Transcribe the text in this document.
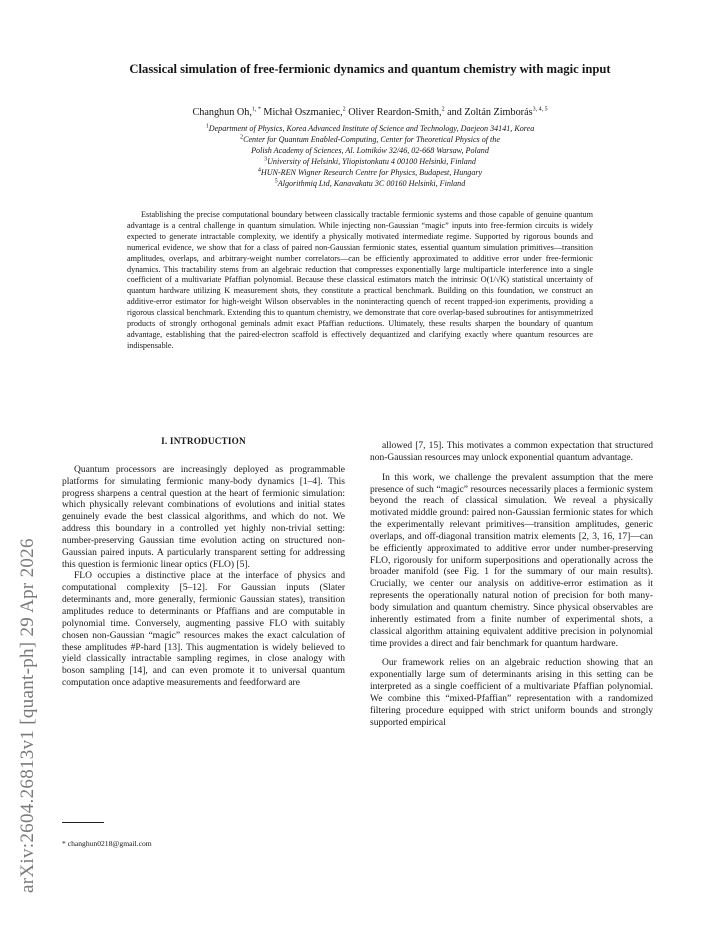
arXiv:2604.26813v1 [quant-ph] 29 Apr 2026
Classical simulation of free-fermionic dynamics and quantum chemistry with magic input
Changhun Oh,$^{1, *}$ Michał Oszmaniec,$^2$ Oliver Reardon-Smith,$^2$ and Zoltán Zimborás$^{3, 4, 5}$
$^1$Department of Physics, Korea Advanced Institute of Science and Technology, Daejeon 34141, Korea
$^2$Center for Quantum Enabled-Computing, Center for Theoretical Physics of the
Polish Academy of Sciences, Al. Lotników 32/46, 02-668 Warsaw, Poland
$^3$University of Helsinki, Yliopistonkatu 4 00100 Helsinki, Finland
$^4$HUN-REN Wigner Research Centre for Physics, Budapest, Hungary
$^5$Algorithmiq Ltd, Kanavakatu 3C 00160 Helsinki, Finland
Establishing the precise computational boundary between classically tractable fermionic systems and those capable of genuine quantum advantage is a central challenge in quantum simulation. While injecting non-Gaussian “magic” inputs into free-fermion circuits is widely expected to generate intractable complexity, we identify a physically motivated intermediate regime. Supported by rigorous bounds and numerical evidence, we show that for a class of paired non-Gaussian fermionic states, essential quantum simulation primitives—transition amplitudes, overlaps, and arbitrary-weight number correlators—can be efficiently approximated to additive error under free-fermionic dynamics. This tractability stems from an algebraic reduction that compresses exponentially large multiparticle interference into a single coefficient of a multivariate Pfaffian polynomial. Because these classical estimators match the intrinsic O(1/√K) statistical uncertainty of quantum hardware utilizing K measurement shots, they constitute a practical benchmark. Building on this foundation, we construct an additive-error estimator for high-weight Wilson observables in the noninteracting quench of recent trapped-ion experiments, providing a rigorous classical benchmark. Extending this to quantum chemistry, we demonstrate that core overlap-based subroutines for antisymmetrized products of strongly orthogonal geminals admit exact Pfaffian reductions. Ultimately, these results sharpen the boundary of quantum advantage, establishing that the paired-electron scaffold is effectively dequantized and clarifying exactly where quantum resources are indispensable.
I. INTRODUCTION
Quantum processors are increasingly deployed as programmable platforms for simulating fermionic many-body dynamics [1–4]. This progress sharpens a central question at the heart of fermionic simulation: which physically relevant combinations of evolutions and initial states genuinely evade the best classical algorithms, and which do not. We address this boundary in a controlled yet highly non-trivial setting: number-preserving Gaussian time evolution acting on structured non-Gaussian paired inputs. A particularly transparent setting for addressing this question is fermionic linear optics (FLO) [5].
FLO occupies a distinctive place at the interface of physics and computational complexity [5–12]. For Gaussian inputs (Slater determinants and, more generally, fermionic Gaussian states), transition amplitudes reduce to determinants or Pfaffians and are computable in polynomial time. Conversely, augmenting passive FLO with suitably chosen non-Gaussian “magic” resources makes the exact calculation of these amplitudes #P-hard [13]. This augmentation is widely believed to yield classically intractable sampling regimes, in close analogy with boson sampling [14], and can even promote it to universal quantum computation once adaptive measurements and feedforward are
allowed [7, 15]. This motivates a common expectation that structured non-Gaussian resources may unlock exponential quantum advantage.
In this work, we challenge the prevalent assumption that the mere presence of such “magic” resources necessarily places a fermionic system beyond the reach of classical simulation. We reveal a physically motivated middle ground: paired non-Gaussian fermionic states for which the experimentally relevant primitives—transition amplitudes, generic overlaps, and off-diagonal transition matrix elements [2, 3, 16, 17]—can be efficiently approximated to additive error under number-preserving FLO, rigorously for uniform superpositions and operationally across the broader manifold (see Fig. 1 for the summary of our main results). Crucially, we center our analysis on additive-error estimation as it represents the operationally natural notion of precision for both many-body simulation and quantum chemistry. Since physical observables are inherently estimated from a finite number of experimental shots, a classical algorithm attaining equivalent additive precision in polynomial time provides a direct and fair benchmark for quantum hardware.
Our framework relies on an algebraic reduction showing that an exponentially large sum of determinants arising in this setting can be interpreted as a single coefficient of a multivariate Pfaffian polynomial. We combine this “mixed-Pfaffian” representation with a randomized filtering procedure equipped with strict uniform bounds and strongly supported empirical
* changhun0218@gmail.com
